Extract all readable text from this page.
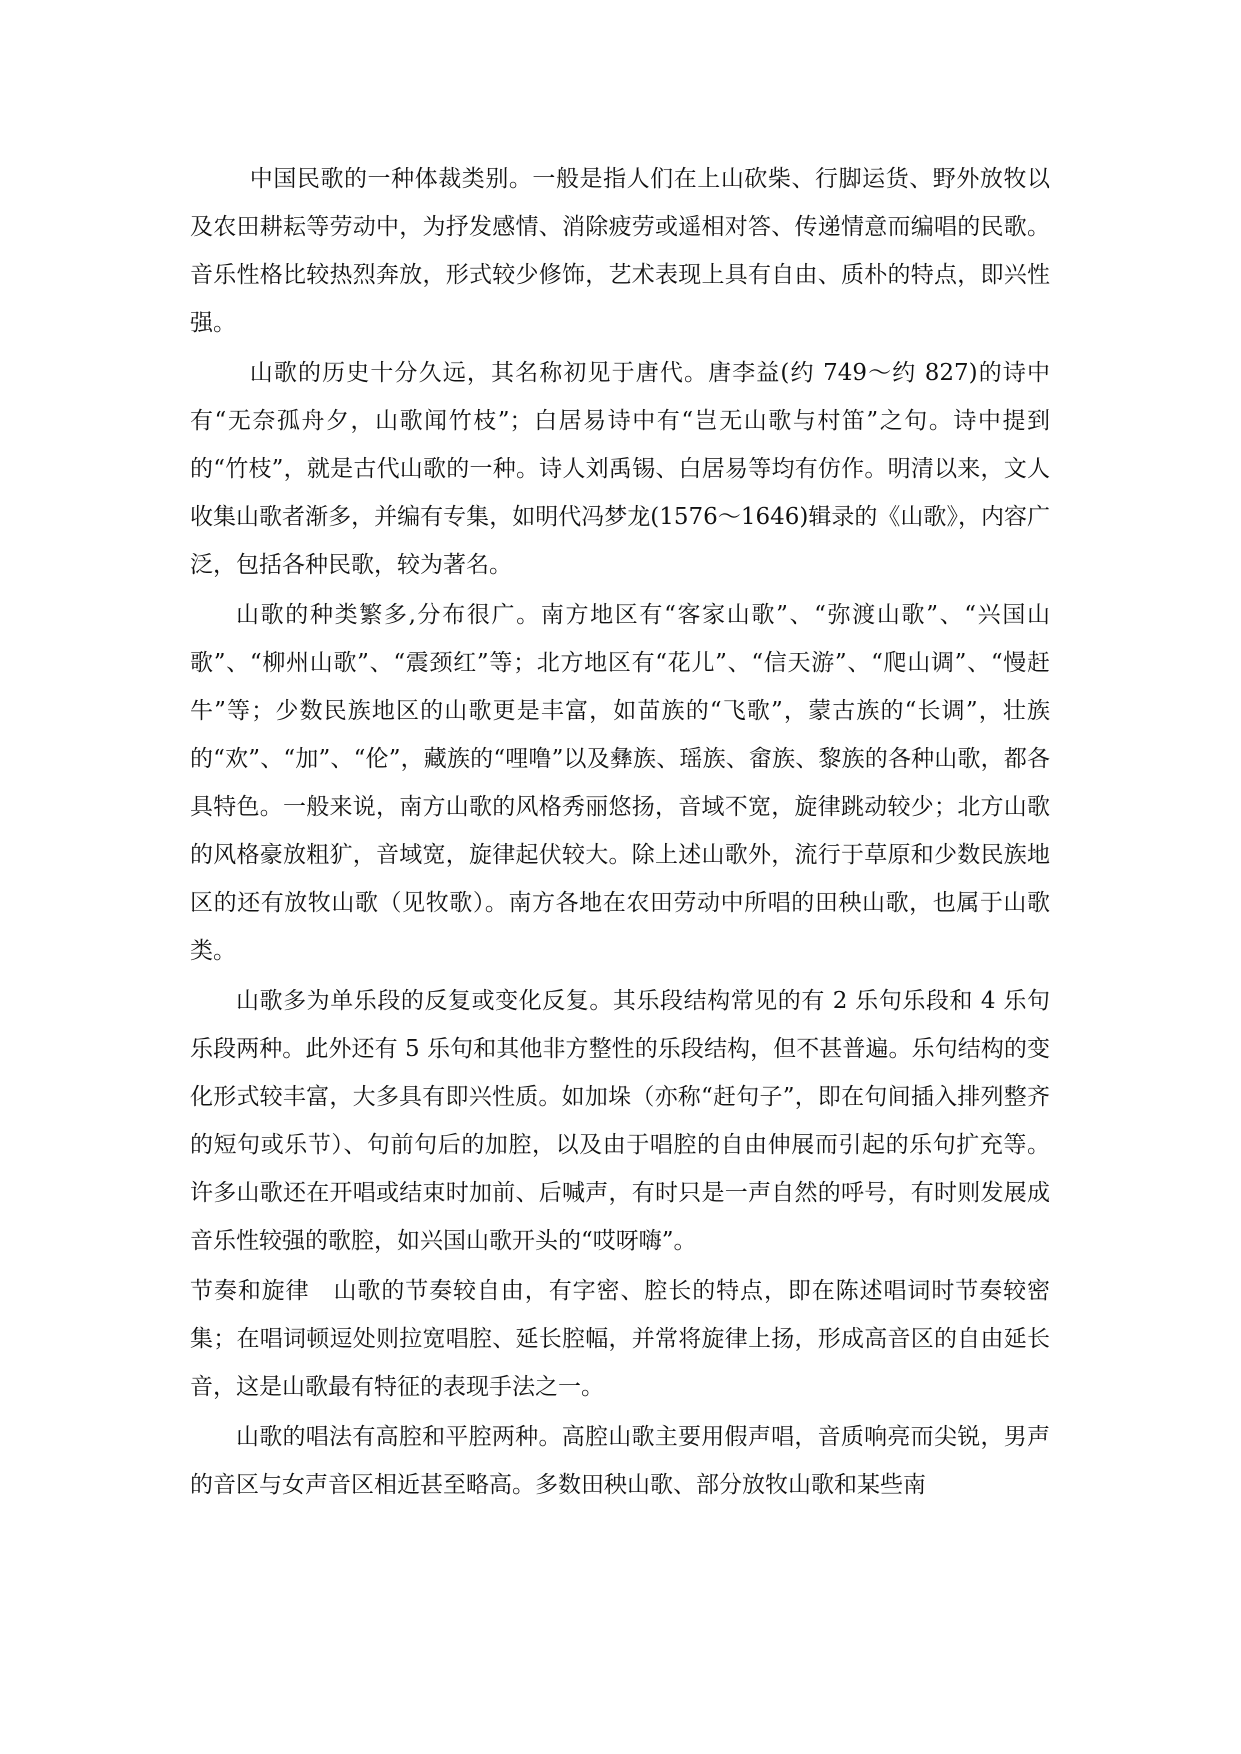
中国民歌的一种体裁类别。一般是指人们在上山砍柴、行脚运货、野外放牧以及农田耕耘等劳动中，为抒发感情、消除疲劳或遥相对答、传递情意而编唱的民歌。音乐性格比较热烈奔放，形式较少修饰，艺术表现上具有自由、质朴的特点，即兴性强。

山歌的历史十分久远，其名称初见于唐代。唐李益(约 749～约 827)的诗中有“无奈孤舟夕，山歌闻竹枝”；白居易诗中有“岂无山歌与村笛”之句。诗中提到的“竹枝”，就是古代山歌的一种。诗人刘禹锡、白居易等均有仿作。明清以来，文人收集山歌者渐多，并编有专集，如明代冯梦龙(1576～1646)辑录的《山歌》，内容广泛，包括各种民歌，较为著名。

山歌的种类繁多,分布很广。南方地区有“客家山歌”、“弥渡山歌”、“兴国山歌”、“柳州山歌”、“震颈红”等；北方地区有“花儿”、“信天游”、“爬山调”、“慢赶牛”等；少数民族地区的山歌更是丰富，如苗族的“飞歌”，蒙古族的“长调”，壮族的“欢”、“加”、“伦”，藏族的“哩噜”以及彝族、瑶族、畲族、黎族的各种山歌，都各具特色。一般来说，南方山歌的风格秀丽悠扬，音域不宽，旋律跳动较少；北方山歌的风格豪放粗犷，音域宽，旋律起伏较大。除上述山歌外，流行于草原和少数民族地区的还有放牧山歌（见牧歌）。南方各地在农田劳动中所唱的田秧山歌，也属于山歌类。

山歌多为单乐段的反复或变化反复。其乐段结构常见的有 2 乐句乐段和 4 乐句乐段两种。此外还有 5 乐句和其他非方整性的乐段结构，但不甚普遍。乐句结构的变化形式较丰富，大多具有即兴性质。如加垛（亦称“赶句子”，即在句间插入排列整齐的短句或乐节）、句前句后的加腔，以及由于唱腔的自由伸展而引起的乐句扩充等。许多山歌还在开唱或结束时加前、后喊声，有时只是一声自然的呼号，有时则发展成音乐性较强的歌腔，如兴国山歌开头的“哎呀嗨”。

节奏和旋律　山歌的节奏较自由，有字密、腔长的特点，即在陈述唱词时节奏较密集；在唱词顿逗处则拉宽唱腔、延长腔幅，并常将旋律上扬，形成高音区的自由延长音，这是山歌最有特征的表现手法之一。

山歌的唱法有高腔和平腔两种。高腔山歌主要用假声唱，音质响亮而尖锐，男声的音区与女声音区相近甚至略高。多数田秧山歌、部分放牧山歌和某些南
